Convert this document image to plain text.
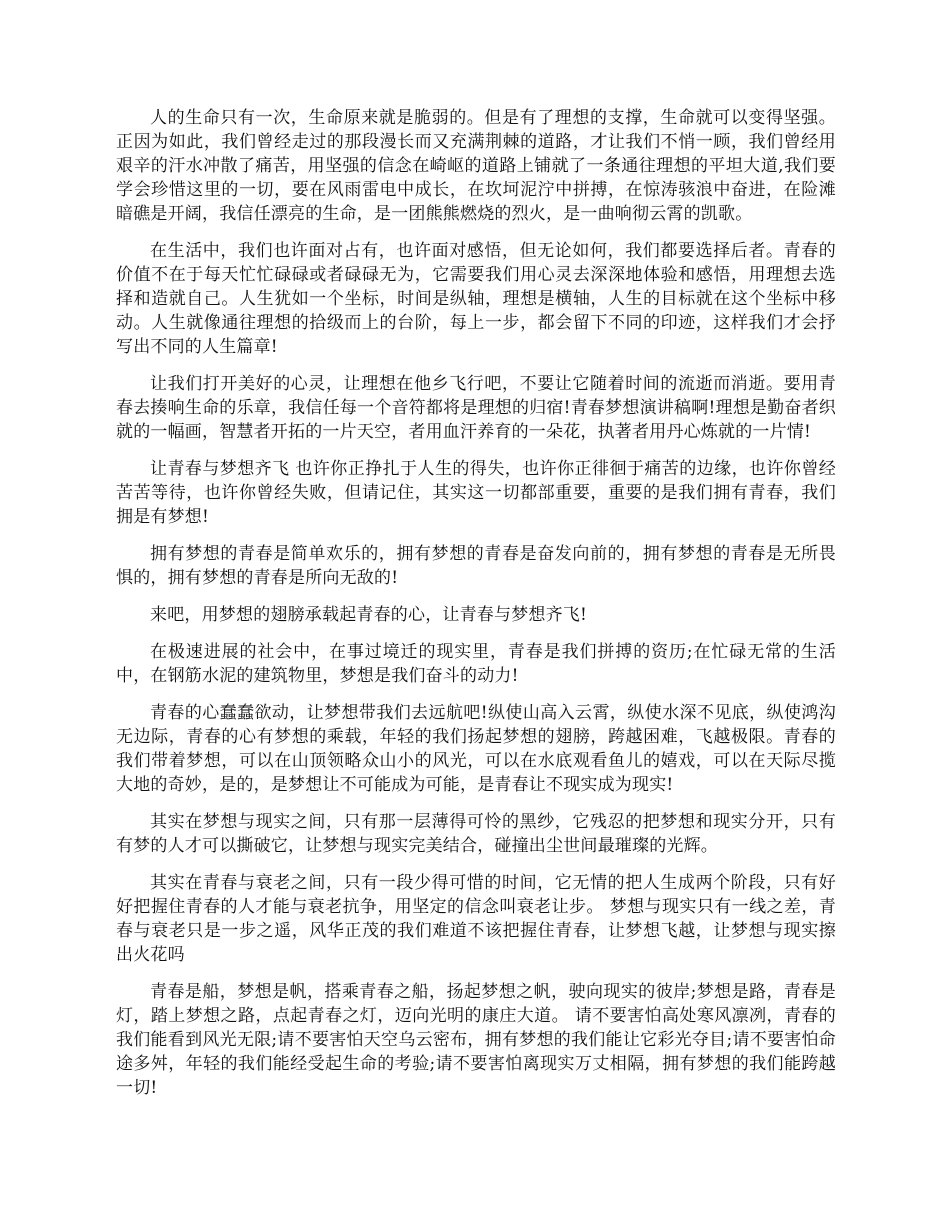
人的生命只有一次，生命原来就是脆弱的。但是有了理想的支撑，生命就可以变得坚强。正因为如此，我们曾经走过的那段漫长而又充满荆棘的道路，才让我们不悄一顾，我们曾经用艰辛的汗水冲散了痛苦，用坚强的信念在崎岖的道路上铺就了一条通往理想的平坦大道,我们要学会珍惜这里的一切，要在风雨雷电中成长，在坎坷泥泞中拼搏，在惊涛骇浪中奋进，在险滩暗礁是开阔，我信任漂亮的生命，是一团熊熊燃烧的烈火，是一曲响彻云霄的凯歌。

在生活中，我们也许面对占有，也许面对感悟，但无论如何，我们都要选择后者。青春的价值不在于每天忙忙碌碌或者碌碌无为，它需要我们用心灵去深深地体验和感悟，用理想去选择和造就自己。人生犹如一个坐标，时间是纵轴，理想是横轴，人生的目标就在这个坐标中移动。人生就像通往理想的拾级而上的台阶，每上一步，都会留下不同的印迹，这样我们才会抒写出不同的人生篇章!

让我们打开美好的心灵，让理想在他乡飞行吧，不要让它随着时间的流逝而消逝。要用青春去揍响生命的乐章，我信任每一个音符都将是理想的归宿!青春梦想演讲稿啊!理想是勤奋者织就的一幅画，智慧者开拓的一片天空，者用血汗养育的一朵花，执著者用丹心炼就的一片情!

让青春与梦想齐飞 也许你正挣扎于人生的得失，也许你正徘徊于痛苦的边缘，也许你曾经苦苦等待，也许你曾经失败，但请记住，其实这一切都部重要，重要的是我们拥有青春，我们拥是有梦想!

拥有梦想的青春是简单欢乐的，拥有梦想的青春是奋发向前的，拥有梦想的青春是无所畏惧的，拥有梦想的青春是所向无敌的!

来吧，用梦想的翅膀承载起青春的心，让青春与梦想齐飞!

在极速进展的社会中，在事过境迁的现实里，青春是我们拼搏的资历;在忙碌无常的生活中，在钢筋水泥的建筑物里，梦想是我们奋斗的动力!

青春的心蠢蠢欲动，让梦想带我们去远航吧!纵使山高入云霄，纵使水深不见底，纵使鸿沟无边际，青春的心有梦想的乘载，年轻的我们扬起梦想的翅膀，跨越困难，飞越极限。青春的我们带着梦想，可以在山顶领略众山小的风光，可以在水底观看鱼儿的嬉戏，可以在天际尽揽大地的奇妙，是的，是梦想让不可能成为可能，是青春让不现实成为现实!

其实在梦想与现实之间，只有那一层薄得可怜的黑纱，它残忍的把梦想和现实分开，只有有梦的人才可以撕破它，让梦想与现实完美结合，碰撞出尘世间最璀璨的光辉。

其实在青春与衰老之间，只有一段少得可惜的时间，它无情的把人生成两个阶段，只有好好把握住青春的人才能与衰老抗争，用坚定的信念叫衰老让步。 梦想与现实只有一线之差，青春与衰老只是一步之遥，风华正茂的我们难道不该把握住青春，让梦想飞越，让梦想与现实擦出火花吗

青春是船，梦想是帆，搭乘青春之船，扬起梦想之帆，驶向现实的彼岸;梦想是路，青春是灯，踏上梦想之路，点起青春之灯，迈向光明的康庄大道。 请不要害怕高处寒风凛冽，青春的我们能看到风光无限;请不要害怕天空乌云密布，拥有梦想的我们能让它彩光夺目;请不要害怕命途多舛，年轻的我们能经受起生命的考验;请不要害怕离现实万丈相隔，拥有梦想的我们能跨越一切!
